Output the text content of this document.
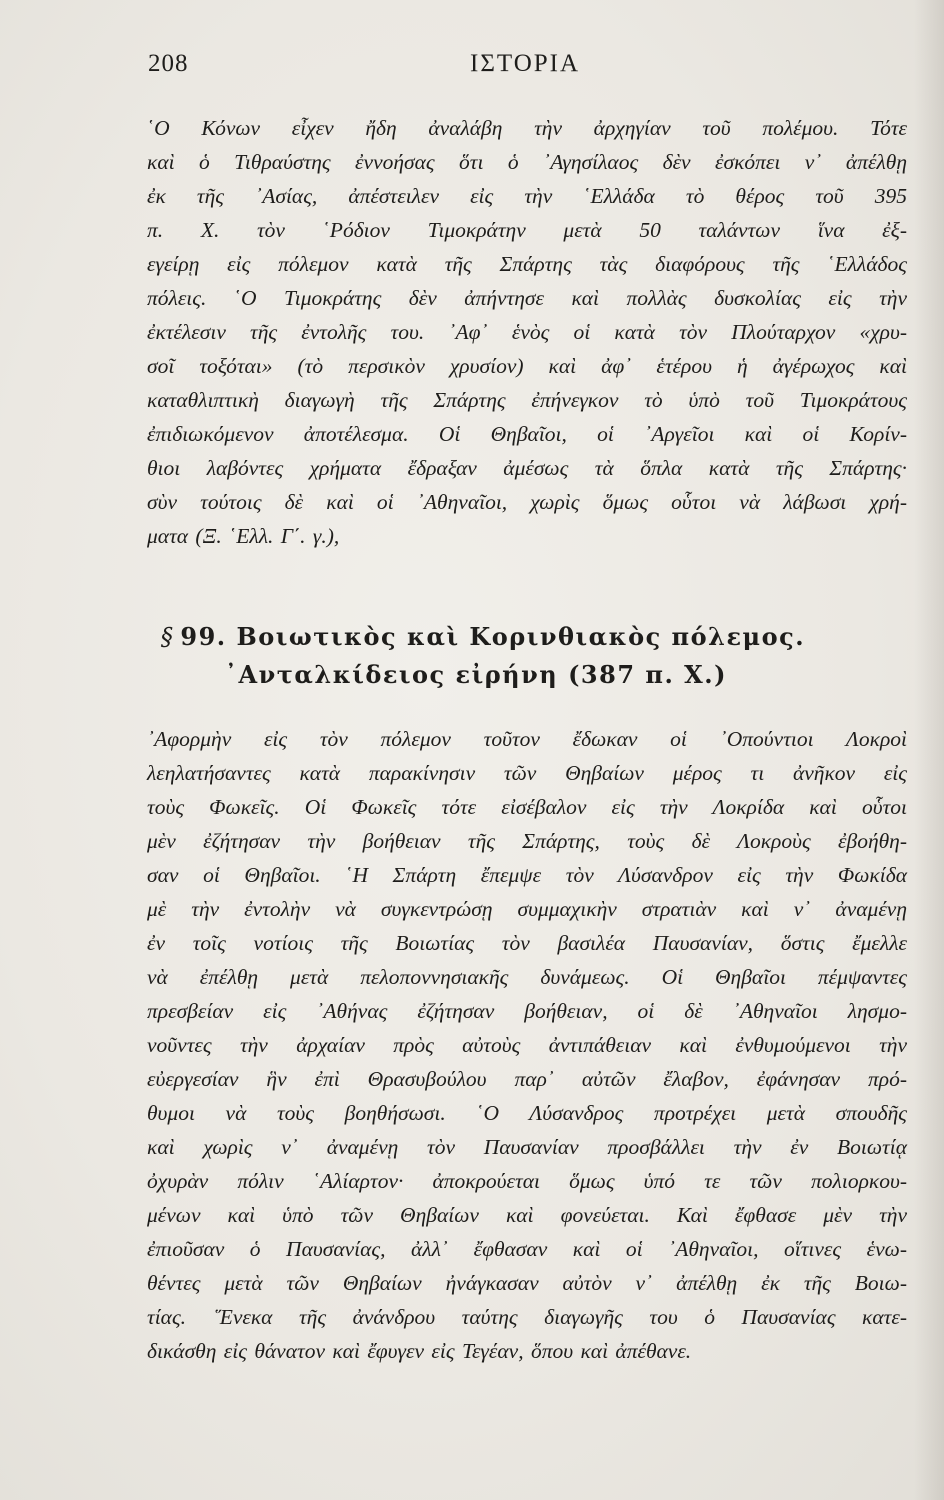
208	ΙΣΤΟΡΙΑ
῾Ο Κόνων εἶχεν ἤδη ἀναλάβη τὴν ἀρχηγίαν τοῦ πολέμου. Τότε
καὶ ὁ Τιθραύστης ἐννοήσας ὅτι ὁ ᾿Αγησίλαος δὲν ἐσκόπει ν᾿ ἀπέλθῃ
ἐκ τῆς ᾿Ασίας, ἀπέστειλεν εἰς τὴν ῾Ελλάδα τὸ θέρος τοῦ 395
π. Χ. τὸν ῾Ρόδιον Τιμοκράτην μετὰ 50 ταλάντων ἵνα ἐξ-
εγείρῃ εἰς πόλεμον κατὰ τῆς Σπάρτης τὰς διαφόρους τῆς ῾Ελλάδος
πόλεις. ῾Ο Τιμοκράτης δὲν ἀπήντησε καὶ πολλὰς δυσκολίας εἰς τὴν
ἐκτέλεσιν τῆς ἐντολῆς του. ᾿Αφ᾿ ἑνὸς οἱ κατὰ τὸν Πλούταρχον «χρυ-
σοῖ τοξόται» (τὸ περσικὸν χρυσίον) καὶ ἀφ᾿ ἑτέρου ἡ ἀγέρωχος καὶ
καταθλιπτικὴ διαγωγὴ τῆς Σπάρτης ἐπήνεγκον τὸ ὑπὸ τοῦ Τιμοκράτους
ἐπιδιωκόμενον ἀποτέλεσμα. Οἱ Θηβαῖοι, οἱ ᾿Αργεῖοι καὶ οἱ Κορίν-
θιοι λαβόντες χρήματα ἔδραξαν ἀμέσως τὰ ὅπλα κατὰ τῆς Σπάρτης·
σὺν τούτοις δὲ καὶ οἱ ᾿Αθηναῖοι, χωρὶς ὅμως οὗτοι νὰ λάβωσι χρή-
ματα (Ξ. ῾Ελλ. Γ΄. γ.),
§ 99. Βοιωτικὸς καὶ Κορινθιακὸς πόλεμος.
᾿Ανταλκίδειος εἰρήνη (387 π. Χ.)
᾿Αφορμὴν εἰς τὸν πόλεμον τοῦτον ἔδωκαν οἱ ᾿Οπούντιοι Λοκροὶ
λεηλατήσαντες κατὰ παρακίνησιν τῶν Θηβαίων μέρος τι ἀνῆκον εἰς
τοὺς Φωκεῖς. Οἱ Φωκεῖς τότε εἰσέβαλον εἰς τὴν Λοκρίδα καὶ οὗτοι
μὲν ἐζήτησαν τὴν βοήθειαν τῆς Σπάρτης, τοὺς δὲ Λοκροὺς ἐβοήθη-
σαν οἱ Θηβαῖοι. ῾Η Σπάρτη ἔπεμψε τὸν Λύσανδρον εἰς τὴν Φωκίδα
μὲ τὴν ἐντολὴν νὰ συγκεντρώσῃ συμμαχικὴν στρατιὰν καὶ ν᾿ ἀναμένῃ
ἐν τοῖς νοτίοις τῆς Βοιωτίας τὸν βασιλέα Παυσανίαν, ὅστις ἔμελλε
νὰ ἐπέλθῃ μετὰ πελοποννησιακῆς δυνάμεως. Οἱ Θηβαῖοι πέμψαντες
πρεσβείαν εἰς ᾿Αθήνας ἐζήτησαν βοήθειαν, οἱ δὲ ᾿Αθηναῖοι λησμο-
νοῦντες τὴν ἀρχαίαν πρὸς αὐτοὺς ἀντιπάθειαν καὶ ἐνθυμούμενοι τὴν
εὐεργεσίαν ἣν ἐπὶ Θρασυβούλου παρ᾿ αὐτῶν ἔλαβον, ἐφάνησαν πρό-
θυμοι νὰ τοὺς βοηθήσωσι. ῾Ο Λύσανδρος προτρέχει μετὰ σπουδῆς
καὶ χωρὶς ν᾿ ἀναμένῃ τὸν Παυσανίαν προσβάλλει τὴν ἐν Βοιωτίᾳ
ὀχυρὰν πόλιν ῾Αλίαρτον· ἀποκρούεται ὅμως ὑπό τε τῶν πολιορκου-
μένων καὶ ὑπὸ τῶν Θηβαίων καὶ φονεύεται. Καὶ ἔφθασε μὲν τὴν
ἐπιοῦσαν ὁ Παυσανίας, ἀλλ᾿ ἔφθασαν καὶ οἱ ᾿Αθηναῖοι, οἵτινες ἑνω-
θέντες μετὰ τῶν Θηβαίων ἠνάγκασαν αὐτὸν ν᾿ ἀπέλθῃ ἐκ τῆς Βοιω-
τίας. ῞Ενεκα τῆς ἀνάνδρου ταύτης διαγωγῆς του ὁ Παυσανίας κατε-
δικάσθη εἰς θάνατον καὶ ἔφυγεν εἰς Τεγέαν, ὅπου καὶ ἀπέθανε.
